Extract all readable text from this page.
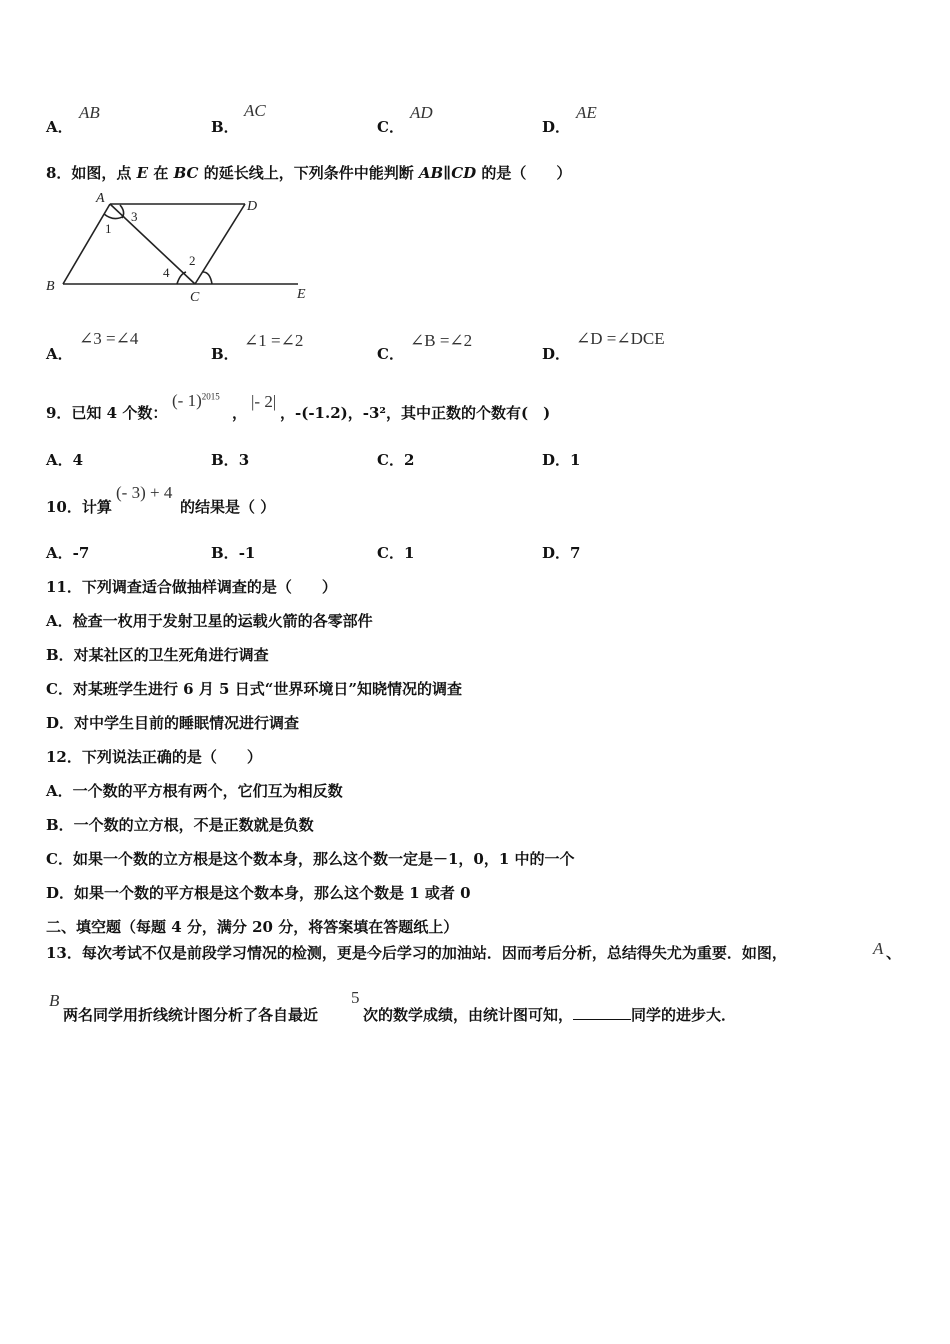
A．
AB
B．
AC
C．
AD
D．
AE
8．如图，点 E 在 BC 的延长线上，下列条件中能判断 AB∥CD 的是（　　）
A
B
C
D
E
1
2
3
4
A．
∠3 =∠4
B．
∠1 =∠2
C．
∠B =∠2
D．
∠D =∠DCE
9．已知 4 个数：
(- 1)$^{2015}$
，
|- 2|
，-(-1.2)，-3²，其中正数的个数有(　)
A．4	B．3	C．2	D．1
10．计算
(- 3) + 4
的结果是（ ）
A．-7	B．-1	C．1	D．7
11．下列调查适合做抽样调查的是（　　）
A．检查一枚用于发射卫星的运载火箭的各零部件
B．对某社区的卫生死角进行调查
C．对某班学生进行 6 月 5 日式“世界环境日”知晓情况的调查
D．对中学生目前的睡眠情况进行调查
12．下列说法正确的是（　　）
A．一个数的平方根有两个，它们互为相反数
B．一个数的立方根，不是正数就是负数
C．如果一个数的立方根是这个数本身，那么这个数一定是－1，0，1 中的一个
D．如果一个数的平方根是这个数本身，那么这个数是 1 或者 0
二、填空题（每题 4 分，满分 20 分，将答案填在答题纸上）
13．每次考试不仅是前段学习情况的检测，更是今后学习的加油站．因而考后分析，总结得失尤为重要．如图，	A 、
B
两名同学用折线统计图分析了各自最近
5
次的数学成绩，由统计图可知，	同学的进步大．
